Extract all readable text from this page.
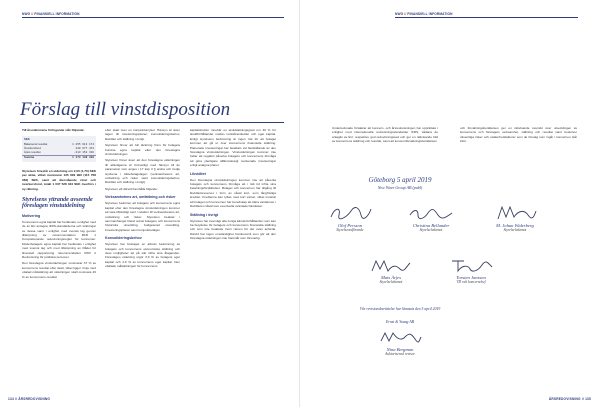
NWG // FINANSIELL INFORMATION
Förslag till vinstdisposition

Till årsstämmans förfogande står följande:

SEK	
Balanserat resultat	1 255 613 174
Överkursfond	230 677 472
Årets resultat	-313 152 316
Summa	1 173 138 330

Styrelsen föreslår en utdelning om 2,00 (1,70) SEK per aktie, vilket motsvarar 135 609 996 (115 768 082) SEK, samt att återstående vinst och överkursfond, totalt 1 037 528 334 SEK överförs i ny räkning.

Styrelsens yttrande avseende föreslagen vinstutdelning
Motivering

Koncernens egna kapital har beräknats i enlighet med de av EU antagna IFRS-standarderna och tolkningar av dessa samt i enlighet med svensk lag genom tillämpning av rekommendation RFR 1 Kompletterande redovisningsregler för koncerner. Moderbolagets egna kapital har beräknats i enlighet med svensk lag och med tillämpning av Rådet för finansiell rapportering rekommendation RFR 2 Redovisning för juridiska personer.

Den föreslagna vinstutdelningen motsvarar 37 % av koncernens resultat efter skatt, vilket ligger i linje med uttalad målsättning att utdelningen skall motsvara 40 % av koncernens resultat

efter skatt över en konjunkturcykel. Hänsyn är även tagen till investeringsplaner, konsolideringsbehov, likviditet och ställning i övrigt.

Styrelsen finner att full täckning finns för bolagets bundna egna kapital efter den föreslagna vinstutdelningen.

Styrelsen finner även att den föreslagna utdelningen till aktieägarna är försvarligt med hänsyn till de parametrar som anges i 17 kap 3 § andra och tredje styckena i Aktiebolagslagen (verksamhetens art, omfattning och risker samt konsolideringsbehov, likviditet och ställning i övrigt).

Styrelsen vill därvid framhålla följande:

Verksamhetens art, omfattning och risker

Styrelsen bedömer att bolagets och koncernens egna kapital efter den föreslagna vinstutdelningen kommer att vara tillräckligt stort i relation till verksamhetens art, omfattning och risker. Styrelsen beaktar i sammanhanget bland annat bolagets och koncernens historiska utveckling, budgeterad utveckling, investeringsplaner samt konjunkturläget.

Konsolideringsbehov

Styrelsen har företaget en allmän bedömning av bolagets och koncernens ekonomiska ställning och dess möjligheter att på sikt infria sina åtaganden. Föreslagen utdelning utgör 3,9 % av bolagets eget kapital och 3,9 % av koncernens eget kapital. Den uttalade målsättningen för koncernens

kapitalstruktur innebär en skuldsättningsgrad om 30 % för skuldförhållandet mellan nettolåneskulder och eget kapital. Enligt styrelsens bedömning är ingen risk för att bolaget kommer att gå ut över koncernens finansiella ställning. Planerade investeringar har beaktats vid fastställande av den föreslagna vinstutdelningen. Vinstutdelningen kommer inte heller att negativt påverka bolagets och koncernens förmåga att göra ytterligare affärsmässigt motiverade investeringar enligt antagna planer.

Likviditet

Den föreslagna vinstutdelningen kommer inte att påverka bolagets och koncernens förmåga att i rätt tid infria sina betalningsförpliktelser. Bolaget och koncernen har tillgång till likviditetsreserver i form av såväl kort- som långfristiga krediter. Krediterna kan lyftas med kort varsel, vilket innebär att bolaget och koncernen har beredskap att klara variationer i likviditeten såväl som eventuella oväntade händelser.

Ställning i övrigt

Styrelsen har övervägt alla övriga kända förhållanden som kan ha betydelse för bolagets och koncernens finansiella ställning och som inte beaktats inom ramen för det ovan anförda. Därvid har ingen omständighet framkommit som gör att den föreslagna utdelningen inte framstår som försvarlig.

134 // ÅRSREDOVISNING
NWG // FINANSIELL INFORMATION
ÅRSREDOVISNING // 135
Undertecknade försäkrar att koncern- och årsredovisningen har upprättats i enlighet med internationella redovisningsstandarder IFRS, sådana de antagits av EU, respektive god redovisningssed och ger en rättvisande bild av koncernens ställning och resultat, samt att koncernförvaltningsberättelsen
och förvaltningsberättelsen ger en rättvisande översikt över utvecklingen av koncernens och företagets verksamhet, ställning och resultat samt beskriver väsentliga risker och osäkerhetsfaktorer som de företag som ingår i koncernen står inför.
Göteborg 5 april 2019
New Wave Group AB (publ)
Olof Persson
Styrelseordförande
Christina Bellander
Styrelseledamot
M. Johan Widerberg
Styrelseledamot
Mats Årjes
Styrelseledamot
Torsten Jansson
VD och koncernchef
Vår revisionsberättelse har lämnats den 5 april 2019
Ernst & Young AB
Nina Bergman
Auktoriserad revisor
